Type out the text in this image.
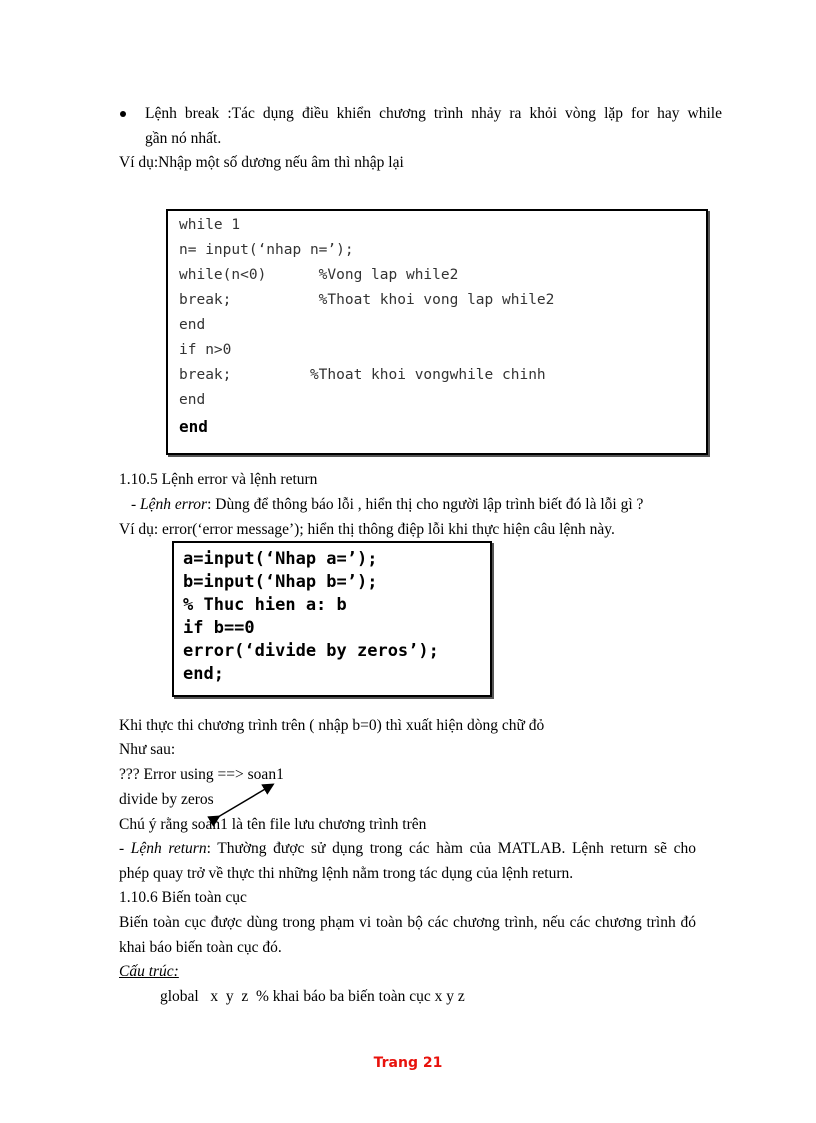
Lệnh break :Tác dụng điều khiển chương trình nhảy ra khỏi vòng lặp for hay while
gần nó nhất.
Ví dụ:Nhập một số dương nếu âm thì nhập lại
while 1
n= input(‘nhap n=’);
while(n<0)      %Vong lap while2
break;          %Thoat khoi vong lap while2
end
if n>0
break;         %Thoat khoi vongwhile chinh
end
end
1.10.5 Lệnh error và lệnh return
- Lệnh error: Dùng để thông báo lỗi , hiển thị cho người lập trình biết đó là lỗi gì ?
Ví dụ: error(‘error message’); hiển thị thông điệp lỗi khi thực hiện câu lệnh này.
a=input(‘Nhap a=’);
b=input(‘Nhap b=’);
% Thuc hien a: b
if b==0
error(‘divide by zeros’);
end;
Khi thực thi chương trình trên ( nhập b=0) thì xuất hiện dòng chữ đỏ
Như sau:
??? Error using ==> soan1
divide by zeros
Chú ý rằng soan1 là tên file lưu chương trình trên
- Lệnh return: Thường được sử dụng trong các hàm của MATLAB. Lệnh return sẽ cho
phép quay trở về thực thi những lệnh nằm trong tác dụng của lệnh return.
1.10.6 Biến toàn cục
Biến toàn cục được dùng trong phạm vi toàn bộ các chương trình, nếu các chương trình đó
khai báo biến toàn cục đó.
Cấu trúc:
global   x  y  z  % khai báo ba biến toàn cục x y z
Trang 21
